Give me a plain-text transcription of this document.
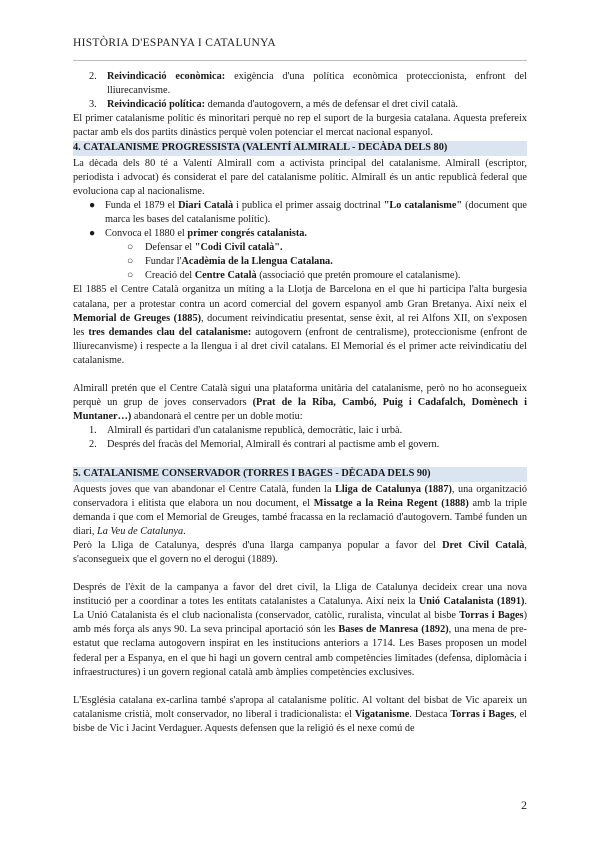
HISTÒRIA D'ESPANYA I CATALUNYA
2. Reivindicació econòmica: exigència d'una política econòmica proteccionista, enfront del lliurecanvisme.
3. Reivindicació política: demanda d'autogovern, a més de defensar el dret civil català.

El primer catalanisme polític és minoritari perquè no rep el suport de la burgesia catalana. Aquesta prefereix pactar amb els dos partits dinàstics perquè volen potenciar el mercat nacional espanyol.

4. CATALANISME PROGRESSISTA (VALENTÍ ALMIRALL - DECÀDA DELS 80)

La dècada dels 80 té a Valentí Almirall com a activista principal del catalanisme. Almirall (escriptor, periodista i advocat) és considerat el pare del catalanisme polític. Almirall és un antic republicà federal que evoluciona cap al nacionalisme.

● Funda el 1879 el Diari Català i publica el primer assaig doctrinal "Lo catalanisme" (document que marca les bases del catalanisme polític).
● Convoca el 1880 el primer congrés catalanista.
○	Defensar el "Codi Civil català".
○	Fundar l'Acadèmia de la Llengua Catalana.
○	Creació del Centre Català (associació que pretén promoure el catalanisme).

El 1885 el Centre Català organitza un míting a la Llotja de Barcelona en el que hi participa l'alta burgesia catalana, per a protestar contra un acord comercial del govern espanyol amb Gran Bretanya. Així neix el Memorial de Greuges (1885), document reivindicatiu presentat, sense èxit, al rei Alfons XII, on s'exposen les tres demandes clau del catalanisme: autogovern (enfront de centralisme), proteccionisme (enfront de lliurecanvisme) i respecte a la llengua i al dret civil catalans. El Memorial és el primer acte reivindicatiu del catalanisme.

Almirall pretén que el Centre Català sigui una plataforma unitària del catalanisme, però no ho aconsegueix perquè un grup de joves conservadors (Prat de la Riba, Cambó, Puig i Cadafalch, Domènech i Muntaner…) abandonarà el centre per un doble motiu:

1. Almirall és partidari d'un catalanisme republicà, democràtic, laic i urbà.
2. Després del fracàs del Memorial, Almirall és contrari al pactisme amb el govern.
5. CATALANISME CONSERVADOR (TORRES I BAGES - DÈCADA DELS 90)

Aquests joves que van abandonar el Centre Català, funden la Lliga de Catalunya (1887), una organització conservadora i elitista que elabora un nou document, el Missatge a la Reina Regent (1888) amb la triple demanda i que com el Memorial de Greuges, també fracassa en la reclamació d'autogovern. També funden un diari, La Veu de Catalunya.

Però la Lliga de Catalunya, després d'una llarga campanya popular a favor del Dret Civil Català, s'aconsegueix que el govern no el derogui (1889).

Després de l'èxit de la campanya a favor del dret civil, la Lliga de Catalunya decideix crear una nova institució per a coordinar a totes les entitats catalanistes a Catalunya. Així neix la Unió Catalanista (1891). La Unió Catalanista és el club nacionalista (conservador, catòlic, ruralista, vinculat al bisbe Torras i Bages) amb més força als anys 90. La seva principal aportació són les Bases de Manresa (1892), una mena de pre-estatut que reclama autogovern inspirat en les institucions anteriors a 1714. Les Bases proposen un model federal per a Espanya, en el que hi hagi un govern central amb competències limitades (defensa, diplomàcia i infraestructures) i un govern regional català amb àmplies competències exclusives.

L'Església catalana ex-carlina també s'apropa al catalanisme polític. Al voltant del bisbat de Vic apareix un catalanisme cristià, molt conservador, no liberal i tradicionalista: el Vigatanisme. Destaca Torras i Bages, el bisbe de Vic i Jacint Verdaguer. Aquests defensen que la religió és el nexe comú de

2
